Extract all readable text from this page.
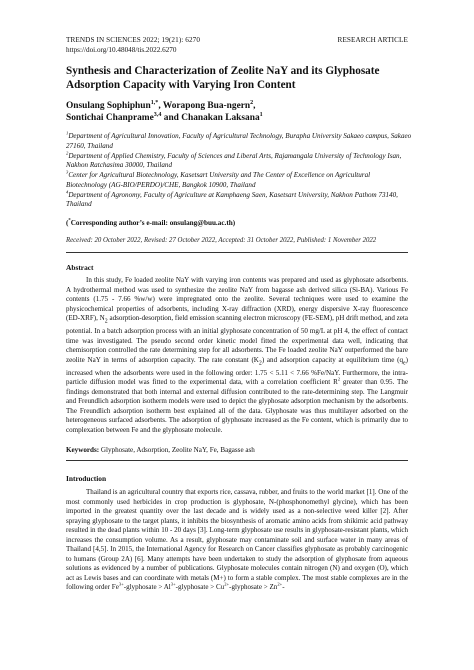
TRENDS IN SCIENCES 2022; 19(21): 6270	RESEARCH ARTICLE
https://doi.org/10.48048/tis.2022.6270
Synthesis and Characterization of Zeolite NaY and its Glyphosate Adsorption Capacity with Varying Iron Content
Onsulang Sophiphun$^{1,*}$, Worapong Bua-ngern$^2$,
Sontichai Chanprame$^{3,4}$ and Chanakan Laksana$^1$

$^1$Department of Agricultural Innovation, Faculty of Agricultural Technology, Burapha University Sakaeo campus, Sakaeo 27160, Thailand

$^2$Department of Applied Chemistry, Faculty of Sciences and Liberal Arts, Rajamangala University of Technology Isan, Nakhon Ratchasima 30000, Thailand

$^3$Center for Agricultural Biotechnology, Kasetsart University and The Center of Excellence on Agricultural Biotechnology (AG-BIO/PERDO)/CHE, Bangkok 10900, Thailand

$^4$Department of Agronomy, Faculty of Agriculture at Kamphaeng Saen, Kasetsart University, Nakhon Pathom 73140, Thailand

(*Corresponding author’s e-mail: onsulang@buu.ac.th)
Received: 20 October 2022, Revised: 27 October 2022, Accepted: 31 October 2022, Published: 1 November 2022
Abstract
In this study, Fe loaded zeolite NaY with varying iron contents was prepared and used as glyphosate adsorbents. A hydrothermal method was used to synthesize the zeolite NaY from bagasse ash derived silica (Si-BA). Various Fe contents (1.75 - 7.66 %w/w) were impregnated onto the zeolite. Several techniques were used to examine the physicochemical properties of adsorbents, including X-ray diffraction (XRD), energy dispersive X-ray fluorescence (ED-XRF), $N_2$ adsorption-desorption, field emission scanning electron microscopy (FE-SEM), pH drift method, and zeta potential. In a batch adsorption process with an initial glyphosate concentration of 50 mg/L at pH 4, the effect of contact time was investigated. The pseudo second order kinetic model fitted the experimental data well, indicating that chemisorption controlled the rate determining step for all adsorbents. The Fe loaded zeolite NaY outperformed the bare zeolite NaY in terms of adsorption capacity. The rate constant $(K_2)$ and adsorption capacity at equilibrium time $(q_e)$ increased when the adsorbents were used in the following order: 1.75 < 5.11 < 7.66 %Fe/NaY. Furthermore, the intra-particle diffusion model was fitted to the experimental data, with a correlation coefficient $R^2$ greater than 0.95. The findings demonstrated that both internal and external diffusion contributed to the rate-determining step. The Langmuir and Freundlich adsorption isotherm models were used to depict the glyphosate adsorption mechanism by the adsorbents. The Freundlich adsorption isotherm best explained all of the data. Glyphosate was thus multilayer adsorbed on the heterogeneous surfaced adsorbents. The adsorption of glyphosate increased as the Fe content, which is primarily due to complexation between Fe and the glyphosate molecule.
Keywords: Glyphosate, Adsorption, Zeolite NaY, Fe, Bagasse ash
Introduction
Thailand is an agricultural country that exports rice, cassava, rubber, and fruits to the world market [1]. One of the most commonly used herbicides in crop production is glyphosate, N-(phosphonomethyl glycine), which has been imported in the greatest quantity over the last decade and is widely used as a non-selective weed killer [2]. After spraying glyphosate to the target plants, it inhibits the biosynthesis of aromatic amino acids from shikimic acid pathway resulted in the dead plants within 10 - 20 days [3]. Long-term glyphosate use results in glyphosate-resistant plants, which increases the consumption volume. As a result, glyphosate may contaminate soil and surface water in many areas of Thailand [4,5]. In 2015, the International Agency for Research on Cancer classifies glyphosate as probably carcinogenic to humans (Group 2A) [6]. Many attempts have been undertaken to study the adsorption of glyphosate from aqueous solutions as evidenced by a number of publications. Glyphosate molecules contain nitrogen (N) and oxygen (O), which act as Lewis bases and can coordinate with metals (M+) to form a stable complex. The most stable complexes are in the following order $Fe^{3+}$-glyphosate > $Al^{3+}$-glyphosate > $Cu^{2+}$-glyphosate > $Zn^{2+}-$
